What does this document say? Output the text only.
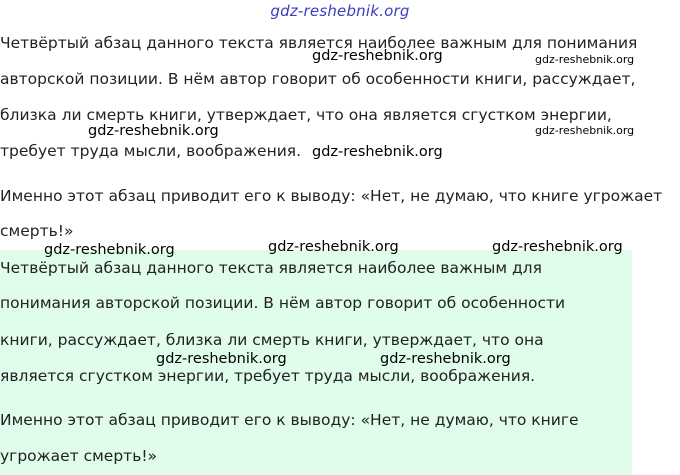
gdz-reshebnik.org
Четвёртый абзац данного текста является наиболее важным для понимания
авторской позиции. В нём автор говорит об особенности книги, рассуждает,
близка ли смерть книги, утверждает, что она является сгустком энергии,
требует труда мысли, воображения.
Именно этот абзац приводит его к выводу: «Нет, не думаю, что книге угрожает
смерть!»
Четвёртый абзац данного текста является наиболее важным для
понимания авторской позиции. В нём автор говорит об особенности
книги, рассуждает, близка ли смерть книги, утверждает, что она
является сгустком энергии, требует труда мысли, воображения.
Именно этот абзац приводит его к выводу: «Нет, не думаю, что книге
угрожает смерть!»
gdz-reshebnik.org	gdz-reshebnik.org
gdz-reshebnik.org	gdz-reshebnik.org
gdz-reshebnik.org
gdz-reshebnik.org	gdz-reshebnik.org	gdz-reshebnik.org
gdz-reshebnik.org	gdz-reshebnik.org
